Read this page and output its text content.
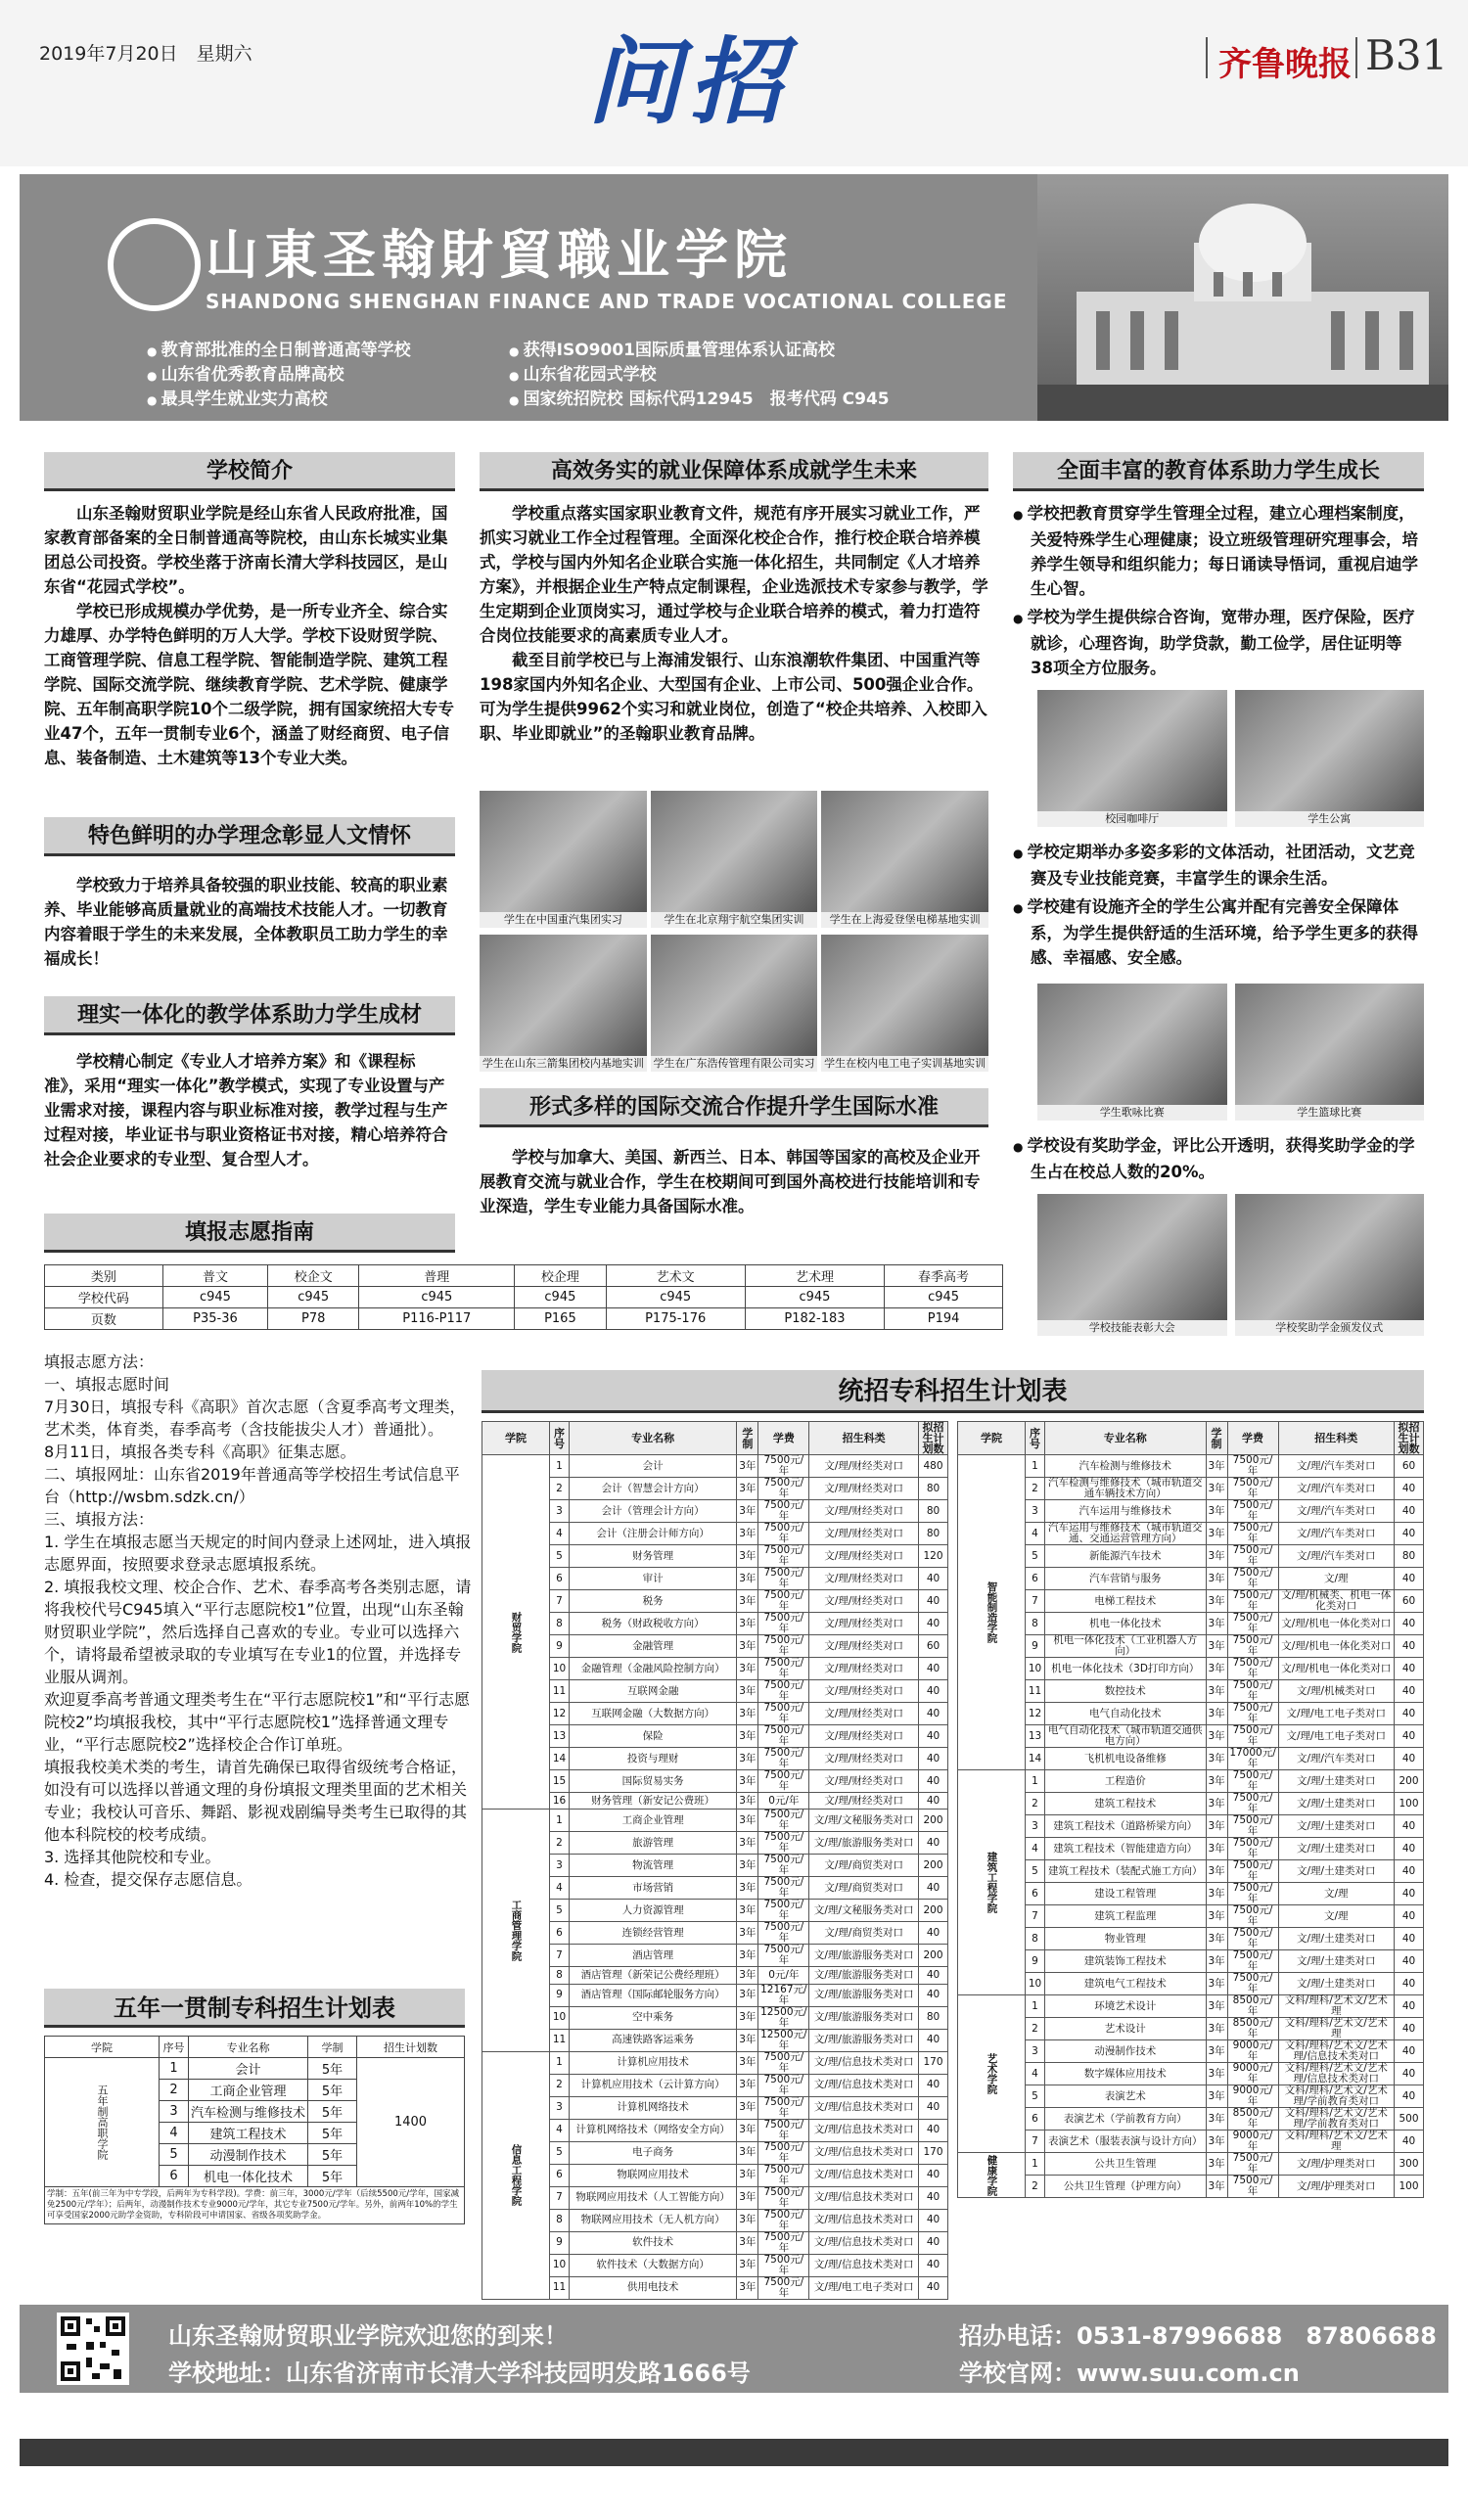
2019年7月20日　星期六	问招	齐鲁晚报 B31
山東圣翰財貿職业学院
SHANDONG SHENGHAN FINANCE AND TRADE VOCATIONAL COLLEGE
● 教育部批准的全日制普通高等学校
● 山东省优秀教育品牌高校
● 最具学生就业实力高校
● 获得ISO9001国际质量管理体系认证高校
● 山东省花园式学校
● 国家统招院校 国标代码12945　报考代码 C945
学校简介

山东圣翰财贸职业学院是经山东省人民政府批准，国家教育部备案的全日制普通高等院校，由山东长城实业集团总公司投资。学校坐落于济南长清大学科技园区，是山东省“花园式学校”。

学校已形成规模办学优势，是一所专业齐全、综合实力雄厚、办学特色鲜明的万人大学。学校下设财贸学院、工商管理学院、信息工程学院、智能制造学院、建筑工程学院、国际交流学院、继续教育学院、艺术学院、健康学院、五年制高职学院10个二级学院，拥有国家统招大专专业47个，五年一贯制专业6个，涵盖了财经商贸、电子信息、装备制造、土木建筑等13个专业大类。

特色鲜明的办学理念彰显人文情怀

学校致力于培养具备较强的职业技能、较高的职业素养、毕业能够高质量就业的高端技术技能人才。一切教育内容着眼于学生的未来发展，全体教职员工助力学生的幸福成长！

理实一体化的教学体系助力学生成材

学校精心制定《专业人才培养方案》和《课程标准》，采用“理实一体化”教学模式，实现了专业设置与产业需求对接，课程内容与职业标准对接，教学过程与生产过程对接，毕业证书与职业资格证书对接，精心培养符合社会企业要求的专业型、复合型人才。

高效务实的就业保障体系成就学生未来

学校重点落实国家职业教育文件，规范有序开展实习就业工作，严抓实习就业工作全过程管理。全面深化校企合作，推行校企联合培养模式，学校与国内外知名企业联合实施一体化招生，共同制定《人才培养方案》，并根据企业生产特点定制课程，企业选派技术专家参与教学，学生定期到企业顶岗实习，通过学校与企业联合培养的模式，着力打造符合岗位技能要求的高素质专业人才。

截至目前学校已与上海浦发银行、山东浪潮软件集团、中国重汽等198家国内外知名企业、大型国有企业、上市公司、500强企业合作。可为学生提供9962个实习和就业岗位，创造了“校企共培养、入校即入职、毕业即就业”的圣翰职业教育品牌。

学生在中国重汽集团实习	学生在北京翔宇航空集团实训	学生在上海爱登堡电梯基地实训
学生在山东三箭集团校内基地实训 学生在广东浩传管理有限公司实习 学生在校内电工电子实训基地实训
形式多样的国际交流合作提升学生国际水准

学校与加拿大、美国、新西兰、日本、韩国等国家的高校及企业开展教育交流与就业合作，学生在校期间可到国外高校进行技能培训和专业深造，学生专业能力具备国际水准。

全面丰富的教育体系助力学生成长

● 学校把教育贯穿学生管理全过程，建立心理档案制度，关爱特殊学生心理健康；设立班级管理研究理事会，培养学生领导和组织能力；每日诵读导悟词，重视启迪学生心智。

● 学校为学生提供综合咨询，宽带办理，医疗保险，医疗就诊，心理咨询，助学贷款，勤工俭学，居住证明等38项全方位服务。

校园咖啡厅	学生公寓

● 学校定期举办多姿多彩的文体活动，社团活动，文艺竞赛及专业技能竞赛，丰富学生的课余生活。

● 学校建有设施齐全的学生公寓并配有完善安全保障体系，为学生提供舒适的生活环境，给予学生更多的获得感、幸福感、安全感。

学生歌咏比赛	学生篮球比赛

● 学校设有奖助学金，评比公开透明，获得奖助学金的学生占在校总人数的20%。

学校技能表彰大会	学校奖助学金颁发仪式
填报志愿指南
类别	普文	校企文	普理	校企理	艺术文	艺术理	春季高考
学校代码	c945	c945	c945	c945	c945	c945	c945
页数	P35-36	P78	P116-P117	P165	P175-176	P182-183	P194

填报志愿方法：

一、填报志愿时间

7月30日，填报专科《高职》首次志愿（含夏季高考文理类，艺术类，体育类，春季高考（含技能拔尖人才）普通批）。

8月11日，填报各类专科《高职》征集志愿。

二、填报网址：山东省2019年普通高等学校招生考试信息平台（http://wsbm.sdzk.cn/）

三、填报方法：

1. 学生在填报志愿当天规定的时间内登录上述网址，进入填报志愿界面，按照要求登录志愿填报系统。

2. 填报我校文理、校企合作、艺术、春季高考各类别志愿，请将我校代号C945填入“平行志愿院校1”位置，出现“山东圣翰财贸职业学院”，然后选择自己喜欢的专业。专业可以选择六个，请将最希望被录取的专业填写在专业1的位置，并选择专业服从调剂。

欢迎夏季高考普通文理类考生在“平行志愿院校1”和“平行志愿院校2”均填报我校，其中“平行志愿院校1”选择普通文理专业，“平行志愿院校2”选择校企合作订单班。

填报我校美术类的考生，请首先确保已取得省级统考合格证，如没有可以选择以普通文理的身份填报文理类里面的艺术相关专业；我校认可音乐、舞蹈、影视戏剧编导类考生已取得的其他本科院校的校考成绩。

3. 选择其他院校和专业。

4. 检查，提交保存志愿信息。

五年一贯制专科招生计划表
学院	序号	专业名称	学制	招生计划数
五年制高职学院	1	会计	5年	1400
	2	工商企业管理	5年	
	3	汽车检测与维修技术	5年	
	4	建筑工程技术	5年	
	5	动漫制作技术	5年	
	6	机电一体化技术	5年	
学制：五年(前三年为中专学段，后两年为专科学段)。学费：前三年，3000元/学年（后续5500元/学年，国家减免2500元/学年）；后两年，动漫制作技术专业9000元/学年，其它专业7500元/学年。另外，前两年10%的学生可享受国家2000元助学金资助，专科阶段可申请国家、省级各项奖助学金。				
统招专科招生计划表
学院	序号	专业名称	学制	学费	招生科类	拟招生计划数
财贸学院	1	会计	3年	7500元/年	文/理/财经类对口	480
	2	会计（智慧会计方向）	3年	7500元/年	文/理/财经类对口	80
	3	会计（管理会计方向）	3年	7500元/年	文/理/财经类对口	80
	4	会计（注册会计师方向）	3年	7500元/年	文/理/财经类对口	80
	5	财务管理	3年	7500元/年	文/理/财经类对口	120
	6	审计	3年	7500元/年	文/理/财经类对口	40
	7	税务	3年	7500元/年	文/理/财经类对口	40
	8	税务（财政税收方向）	3年	7500元/年	文/理/财经类对口	40
	9	金融管理	3年	7500元/年	文/理/财经类对口	60
	10	金融管理（金融风险控制方向）	3年	7500元/年	文/理/财经类对口	40
	11	互联网金融	3年	7500元/年	文/理/财经类对口	40
	12	互联网金融（大数据方向）	3年	7500元/年	文/理/财经类对口	40
	13	保险	3年	7500元/年	文/理/财经类对口	40
	14	投资与理财	3年	7500元/年	文/理/财经类对口	40
	15	国际贸易实务	3年	7500元/年	文/理/财经类对口	40
	16	财务管理（新安记公费班）	3年	0元/年	文/理/财经类对口	40
工商管理学院	1	工商企业管理	3年	7500元/年	文/理/文秘服务类对口	200
	2	旅游管理	3年	7500元/年	文/理/旅游服务类对口	40
	3	物流管理	3年	7500元/年	文/理/商贸类对口	200
	4	市场营销	3年	7500元/年	文/理/商贸类对口	40
	5	人力资源管理	3年	7500元/年	文/理/文秘服务类对口	200
	6	连锁经营管理	3年	7500元/年	文/理/商贸类对口	40
	7	酒店管理	3年	7500元/年	文/理/旅游服务类对口	200
	8	酒店管理（新荣记公费经理班）	3年	0元/年	文/理/旅游服务类对口	40
	9	酒店管理（国际邮轮服务方向）	3年	12167元/年	文/理/旅游服务类对口	40
	10	空中乘务	3年	12500元/年	文/理/旅游服务类对口	80
	11	高速铁路客运乘务	3年	12500元/年	文/理/旅游服务类对口	40
信息工程学院	1	计算机应用技术	3年	7500元/年	文/理/信息技术类对口	170
	2	计算机应用技术（云计算方向）	3年	7500元/年	文/理/信息技术类对口	40
	3	计算机网络技术	3年	7500元/年	文/理/信息技术类对口	40
	4	计算机网络技术（网络安全方向）	3年	7500元/年	文/理/信息技术类对口	40
	5	电子商务	3年	7500元/年	文/理/信息技术类对口	170
	6	物联网应用技术	3年	7500元/年	文/理/信息技术类对口	40
	7	物联网应用技术（人工智能方向）	3年	7500元/年	文/理/信息技术类对口	40
	8	物联网应用技术（无人机方向）	3年	7500元/年	文/理/信息技术类对口	40
	9	软件技术	3年	7500元/年	文/理/信息技术类对口	40
	10	软件技术（大数据方向）	3年	7500元/年	文/理/信息技术类对口	40
	11	供用电技术	3年	7500元/年	文/理/电工电子类对口	40
学院	序号	专业名称	学制	学费	招生科类	拟招生计划数
智能制造学院	1	汽车检测与维修技术	3年	7500元/年	文/理/汽车类对口	60
	2	汽车检测与维修技术（城市轨道交通车辆技术方向）	3年	7500元/年	文/理/汽车类对口	40
	3	汽车运用与维修技术	3年	7500元/年	文/理/汽车类对口	40
	4	汽车运用与维修技术（城市轨道交通、交通运营管理方向）	3年	7500元/年	文/理/汽车类对口	40
	5	新能源汽车技术	3年	7500元/年	文/理/汽车类对口	80
	6	汽车营销与服务	3年	7500元/年	文/理	40
	7	电梯工程技术	3年	7500元/年	文/理/机械类、机电一体化类对口	60
	8	机电一体化技术	3年	7500元/年	文/理/机电一体化类对口	40
	9	机电一体化技术（工业机器人方向）	3年	7500元/年	文/理/机电一体化类对口	40
	10	机电一体化技术（3D打印方向）	3年	7500元/年	文/理/机电一体化类对口	40
	11	数控技术	3年	7500元/年	文/理/机械类对口	40
	12	电气自动化技术	3年	7500元/年	文/理/电工电子类对口	40
	13	电气自动化技术（城市轨道交通供电方向）	3年	7500元/年	文/理/电工电子类对口	40
	14	飞机机电设备维修	3年	17000元/年	文/理/汽车类对口	40
建筑工程学院	1	工程造价	3年	7500元/年	文/理/土建类对口	200
	2	建筑工程技术	3年	7500元/年	文/理/土建类对口	100
	3	建筑工程技术（道路桥梁方向）	3年	7500元/年	文/理/土建类对口	40
	4	建筑工程技术（智能建造方向）	3年	7500元/年	文/理/土建类对口	40
	5	建筑工程技术（装配式施工方向）	3年	7500元/年	文/理/土建类对口	40
	6	建设工程管理	3年	7500元/年	文/理	40
	7	建筑工程监理	3年	7500元/年	文/理	40
	8	物业管理	3年	7500元/年	文/理/土建类对口	40
	9	建筑装饰工程技术	3年	7500元/年	文/理/土建类对口	40
	10	建筑电气工程技术	3年	7500元/年	文/理/土建类对口	40
艺术学院	1	环境艺术设计	3年	8500元/年	文科/理科/艺术文/艺术理	40
	2	艺术设计	3年	8500元/年	文科/理科/艺术文/艺术理	40
	3	动漫制作技术	3年	9000元/年	文科/理科/艺术文/艺术理/信息技术类对口	40
	4	数字媒体应用技术	3年	9000元/年	文科/理科/艺术文/艺术理/信息技术类对口	40
	5	表演艺术	3年	9000元/年	文科/理科/艺术文/艺术理/学前教育类对口	40
	6	表演艺术（学前教育方向）	3年	8500元/年	文科/理科/艺术文/艺术理/学前教育类对口	500
	7	表演艺术（服装表演与设计方向）	3年	9000元/年	文科/理科/艺术文/艺术理	40
健康学院	1	公共卫生管理	3年	7500元/年	文/理/护理类对口	300
	2	公共卫生管理（护理方向）	3年	7500元/年	文/理/护理类对口	100
山东圣翰财贸职业学院欢迎您的到来！
学校地址：山东省济南市长清大学科技园明发路1666号
招办电话：0531-87996688　87806688
学校官网：www.suu.com.cn
